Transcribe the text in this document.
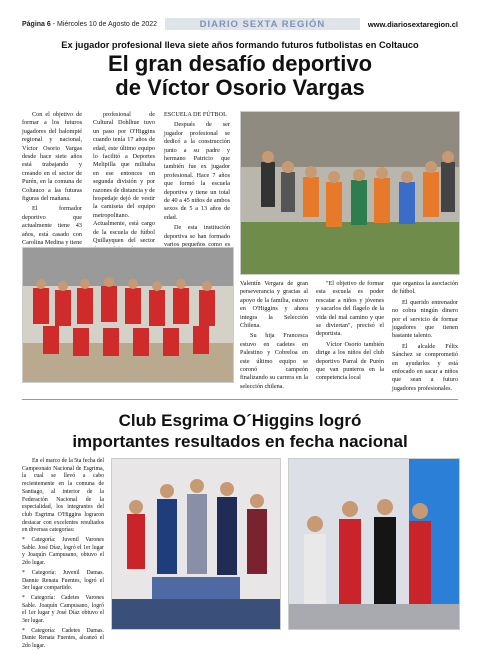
Página 6 - Miércoles 10 de Agosto de 2022	DIARIO SEXTA REGIÓN	www.diariosextaregion.cl
Ex jugador profesional lleva siete años formando futuros futbolistas en Coltauco
El gran desafío deportivo
de Víctor Osorio Vargas

Con el objetivo de formar a los futuros jugadores del balompié regional y nacional, Víctor Osorio Vargas desde hace siete años está trabajando y creando en el sector de Purén, en la comuna de Coltauco a las futuras figuras del mañana.

El formador deportivo que actualmente tiene 43 años, está casado con Carolina Medina y tiene

profesional de Cultural Dohlhue tuvo un paso por O'Higgins cuando tenía 17 años de edad, este último equipo lo facilitó a Deportes Melipilla que militaba en ese entonces en segunda división y por razones de distancia y de hospedaje dejó de vestir la camiseta del equipo metropolitano. Actualmente, está cargo de la escuela de fútbol Quillayquen del sector

ESCUELA DE FÚTBOL

Después de ser jugador profesional se dedicó a la construcción junto a su padre y hermano Patricio que también fue ex jugador profesional. Hace 7 años que formó la escuela deportiva y tiene un total de 40 a 45 niños de ambos sexos de 5 a 13 años de edad.

De esta institución deportiva se han formado varios pequeños como es

Valentín Vergara de gran perseverancia y gracias al apoyo de la familia, estuvo en O'Higgins y ahora integra la Selección Chilena.

Su hija Francesca estuvo en cadetes en Palestino y Cobreloa en este último equipo se coronó campeón finalizando su carrera en la selección chilena.

"El objetivo de formar esta escuela es poder rescatar a niños y jóvenes y sacarlos del flagelo de la vida del mal camino y que se diviertan", precisó el deportista.

Víctor Osorio también dirige a los niños del club deportivo Parral de Purén que van punteros en la competencia local

que organiza la asociación de fútbol.

El querido entrenador no cobra ningún dinero por el servicio de formar jugadores que tienen bastante talento.

El alcalde Félix Sánchez se comprometió en ayudarlos y está enfocado en sacar a niños que sean a futuro jugadores profesionales.

Club Esgrima O´Higgins logró
importantes resultados en fecha nacional

En el marco de la 5ta fecha del Campeonato Nacional de Esgrima, la cual se llevó a cabo recientemente en la comuna de Santiago, al interior de la Federación Nacional de la especialidad, los integrantes del club Esgrima O'Higgins lograron destacar con excelentes resultados en diversas categorías:

* Categoría: Juvenil Varones Sable. José Díaz, logró el 1er lugar y Joaquín Campusano, obtuvo el 2do lugar.

* Categoría: Juvenil Damas. Dannie Renata Fuentes, logró el 3er lugar compartido.

* Categoría: Cadetes Varones Sable. Joaquín Campusano, logró el 1er lugar y José Díaz obtuvo el 3er lugar.

* Categoría: Cadetes Damas. Danie Renata Fuentes, alcanzó el 2do lugar.
